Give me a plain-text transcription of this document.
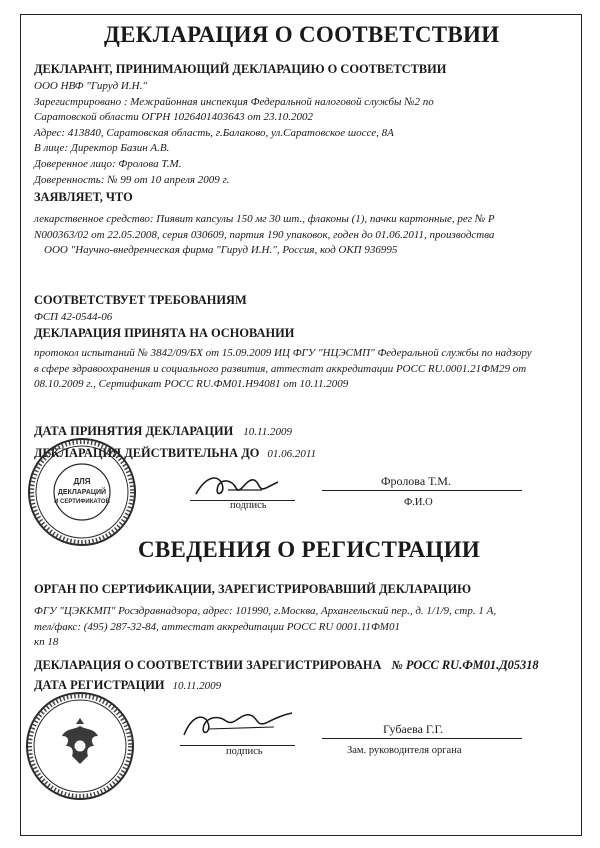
ДЕКЛАРАЦИЯ О СООТВЕТСТВИИ
ДЕКЛАРАНТ, ПРИНИМАЮЩИЙ ДЕКЛАРАЦИЮ О СООТВЕТСТВИИ
ООО НВФ "Гируд И.Н."
Зарегистрировано : Межрайонная инспекция Федеральной налоговой службы №2 по
Саратовской области ОГРН 1026401403643 от 23.10.2002
Адрес: 413840, Саратовская область, г.Балаково, ул.Саратовское шоссе, 8А
В лице: Директор Базин А.В.
Доверенное лицо: Фролова Т.М.
Доверенность: № 99 от 10 апреля 2009 г.
ЗАЯВЛЯЕТ, ЧТО
лекарственное средство: Пиявит капсулы 150 мг 30 шт., флаконы (1), пачки картонные, рег № Р
N000363/02 от 22.05.2008, серия 030609, партия 190 упаковок, годен до 01.06.2011, производства
ООО "Научно-внедренческая фирма "Гируд И.Н.", Россия, код ОКП 936995
СООТВЕТСТВУЕТ ТРЕБОВАНИЯМ
ФСП 42-0544-06
ДЕКЛАРАЦИЯ ПРИНЯТА НА ОСНОВАНИИ
протокол испытаний № 3842/09/БХ от 15.09.2009 ИЦ ФГУ "НЦЭСМП" Федеральной службы по надзору
в сфере здравоохранения и социального развития, аттестат аккредитации РОСС RU.0001.21ФМ29 от
08.10.2009 г., Сертификат РОСС RU.ФМ01.Н94081 от 10.11.2009
ДАТА ПРИНЯТИЯ ДЕКЛАРАЦИИ 10.11.2009
ДЕКЛАРАЦИЯ ДЕЙСТВИТЕЛЬНА ДО 01.06.2011
ДЛЯ
ДЕКЛАРАЦИЙ
И СЕРТИФИКАТОВ	подпись
Фролова Т.М.
Ф.И.О
СВЕДЕНИЯ О РЕГИСТРАЦИИ
ОРГАН ПО СЕРТИФИКАЦИИ, ЗАРЕГИСТРИРОВАВШИЙ ДЕКЛАРАЦИЮ
ФГУ "ЦЭККМП" Росздравнадзора, адрес: 101990, г.Москва, Архангельский пер., д. 1/1/9, стр. 1 А,
тел/факс: (495) 287-32-84, аттестат аккредитации РОСС RU 0001.11ФМ01
кп 18
ДЕКЛАРАЦИЯ О СООТВЕТСТВИИ ЗАРЕГИСТРИРОВАНА № РОСС RU.ФМ01.Д05318
ДАТА РЕГИСТРАЦИИ 10.11.2009
подпись
Губаева Г.Г.
Зам. руководителя органа
